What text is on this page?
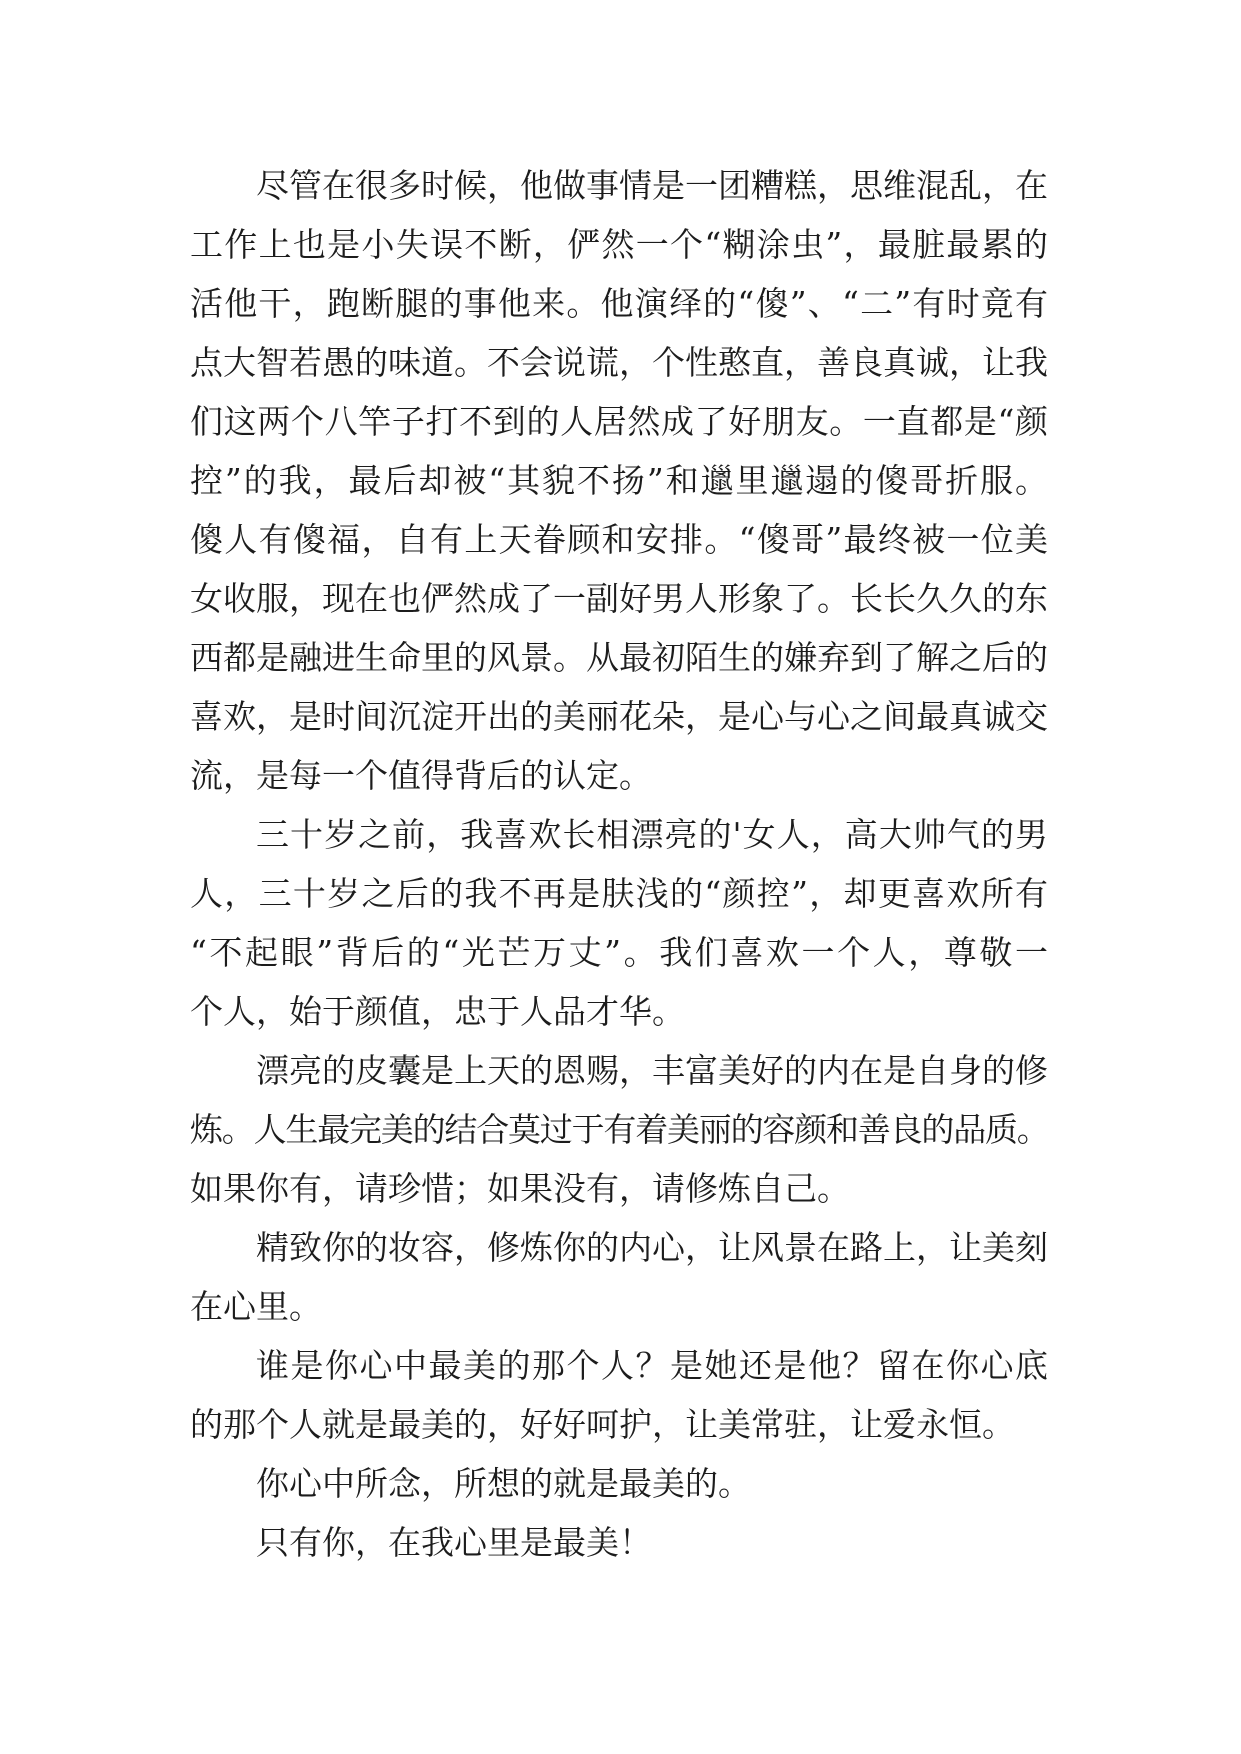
尽管在很多时候，他做事情是一团糟糕，思维混乱，在
工作上也是小失误不断，俨然一个“糊涂虫”，最脏最累的
活他干，跑断腿的事他来。他演绎的“傻”、“二”有时竟有
点大智若愚的味道。不会说谎，个性憨直，善良真诚，让我
们这两个八竿子打不到的人居然成了好朋友。一直都是“颜
控”的我，最后却被“其貌不扬”和邋里邋遢的傻哥折服。
傻人有傻福，自有上天眷顾和安排。“傻哥”最终被一位美
女收服，现在也俨然成了一副好男人形象了。长长久久的东
西都是融进生命里的风景。从最初陌生的嫌弃到了解之后的
喜欢，是时间沉淀开出的美丽花朵，是心与心之间最真诚交
流，是每一个值得背后的认定。
三十岁之前，我喜欢长相漂亮的'女人，高大帅气的男
人，三十岁之后的我不再是肤浅的“颜控”，却更喜欢所有
“不起眼”背后的“光芒万丈”。我们喜欢一个人，尊敬一
个人，始于颜值，忠于人品才华。
漂亮的皮囊是上天的恩赐，丰富美好的内在是自身的修
炼。人生最完美的结合莫过于有着美丽的容颜和善良的品质。
如果你有，请珍惜；如果没有，请修炼自己。
精致你的妆容，修炼你的内心，让风景在路上，让美刻
在心里。
谁是你心中最美的那个人？是她还是他？留在你心底
的那个人就是最美的，好好呵护，让美常驻，让爱永恒。
你心中所念，所想的就是最美的。
只有你，在我心里是最美！
